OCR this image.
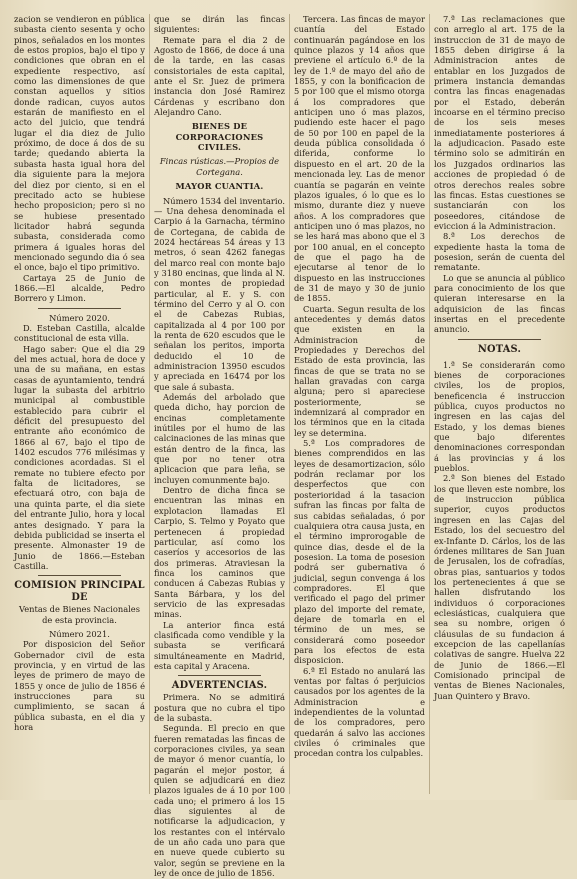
zacion se vendieron en pública subasta ciento sesenta y ocho pinos, señalados en los montes de estos propios, bajo el tipo y condiciones que obran en el expediente respectivo, así como las dimensiones de que constan aquellos y sitios donde radican, cuyos autos estarán de manifiesto en el acto del juicio, que tendrá lugar el dia diez de Julio próximo, de doce á dos de su tarde; quedando abierta la subasta hasta igual hora del dia siguiente para la mejora del diez por ciento, si en el precitado acto se hubiese hecho proposicion; pero si no se hubiese presentado licitador habrá segunda subasta, considerada como primera á iguales horas del mencionado segundo dia ó sea el once, bajo el tipo primitivo.

Cartaya 25 de Junio de 1866.—El alcalde, Pedro Borrero y Limon.

Número 2020.

D. Esteban Castilla, alcalde constitucional de esta villa.

Hago saber: Que el dia 29 del mes actual, hora de doce y una de su mañana, en estas casas de ayuntamiento, tendrá lugar la subasta del arbitrio municipal al combustible establecido para cubrir el déficit del presupuesto del entrante año económico de 1866 al 67, bajo el tipo de 1402 escudos 776 milésimas y condiciones acordadas. Si el remate no tubiere efecto por falta de licitadores, se efectuará otro, con baja de una quinta parte, el dia siete del entrante Julio, hora y local antes designado. Y para la debida publicidad se inserta el presente. Almonaster 19 de Junio de 1866.—Esteban Castilla.

COMISION PRINCIPAL DE

Ventas de Bienes Nacionales de esta provincia.

Número 2021.

Por disposicion del Señor Gobernador civil de esta provincia, y en virtud de las leyes de primero de mayo de 1855 y once de julio de 1856 é instrucciones para su cumplimiento, se sacan á pública subasta, en el dia y hora

que se dirán las fincas siguientes:

Remate para el dia 2 de Agosto de 1866, de doce á una de la tarde, en las casas consistoriales de esta capital, ante el Sr. Juez de primera instancia don José Ramirez Cárdenas y escribano don Alejandro Cano.

BIENES DE CORPORACIONES CIVILES.

Fincas rústicas.—Propios de Cortegana.

MAYOR CUANTIA.

Número 1534 del inventario.— Una dehesa denominada el Carpio á la Garnacha, término de Cortegana, de cabida de 2024 hectáreas 54 áreas y 13 metros, ó sean 4262 fanegas del marco real con monte bajo y 3180 encinas, que linda al N. con montes de propiedad particular, al E. y S. con término del Cerro y al O. con el de Cabezas Rubias, capitalizada al 4 por 100 por la renta de 620 escudos que le señalan los peritos, importa deducido el 10 de administracion 13950 escudos y apreciada en 16474 por los que sale á subasta.

Además del arbolado que queda dicho, hay porcion de encinas completamente inútiles por el humo de las calcinaciones de las minas que están dentro de la finca, las que por no tener otra aplicacion que para leña, se incluyen comunmente bajo.

Dentro de dicha finca se encuentran las minas en explotacion llamadas El Carpio, S. Telmo y Poyato que pertenecen á propiedad particular, así como los caseríos y accesorios de las dos primeras. Atraviesan la finca los caminos que conducen á Cabezas Rubias y Santa Bárbara, y los del servicio de las expresadas minas.

La anterior finca está clasificada como vendible y la subasta se verificará simultáneamente en Madrid, esta capital y Aracena.

ADVERTENCIAS.

Primera. No se admitirá postura que no cubra el tipo de la subasta.

Segunda. El precio en que fueren rematadas las fincas de corporaciones civiles, ya sean de mayor ó menor cuantía, lo pagarán el mejor postor, á quien se adjudicará en diez plazos iguales de á 10 por 100 cada uno; el primero á los 15 dias siguientes al de notificarse la adjudicacion, y los restantes con el intérvalo de un año cada uno para que en nueve quede cubierto su valor, según se previene en la ley de once de julio de 1856.

Tercera. Las fincas de mayor cuantía del Estado continuarán pagándose en los quince plazos y 14 años que previene el artículo 6.º de la ley de 1.º de mayo del año de 1855, y con la bonificacion de 5 por 100 que el mismo otorga á los compradores que anticipen uno ó mas plazos, pudiendo este hacer el pago de 50 por 100 en papel de la deuda pública consolidada ó diferida, conforme lo dispuesto en el art. 20 de la mencionada ley. Las de menor cuantía se pagarán en veinte plazos iguales, ó lo que es lo mismo, durante diez y nueve años. A los compradores que anticipen uno ó mas plazos, no se les hará mas abono que el 3 por 100 anual, en el concepto de que el pago ha de ejecutarse al tenor de lo dispuesto en las instrucciones de 31 de mayo y 30 de junio de 1855.

Cuarta. Segun resulta de los antecedentes y demás datos que existen en la Administracion de Propiedades y Derechos del Estado de esta provincia, las fincas de que se trata no se hallan gravadas con carga alguna; pero si apareciese posteriormente, se indemnizará al comprador en los términos que en la citada ley se determina.

5.ª Los compradores de bienes comprendidos en las leyes de desamortizacion, sólo podrán reclamar por los desperfectos que con posterioridad á la tasacion sufran las fincas por falta de sus cabidas señaladas, ó por cualquiera otra causa justa, en el término improrogable de quince dias, desde el de la posesion. La toma de posesion podrá ser gubernativa ó judicial, segun convenga á los compradores. El que verificado el pago del primer plazo del importe del remate, dejare de tomarla en el término de un mes, se considerará como poseedor para los efectos de esta disposicion.

6.ª El Estado no anulará las ventas por faltas ó perjuicios causados por los agentes de la Administracion e independientes de la voluntad de los compradores, pero quedarán á salvo las acciones civiles ó criminales que procedan contra los culpables.

7.ª Las reclamaciones que con arreglo al art. 175 de la instruccion de 31 de mayo de 1855 deben dirigirse á la Administracion antes de entablar en los Juzgados de primera instancia demandas contra las fincas enagenadas por el Estado, deberán incoarse en el término preciso de los seis meses inmediatamente posteriores á la adjudicacion. Pasado este término solo se admitirán en los Juzgados ordinarios las acciones de propiedad ó de otros derechos reales sobre las fincas. Estas cuestiones se sustanciarán con los poseedores, citándose de eviccion á la Administracion.

8.ª Los derechos de expediente hasta la toma de posesion, serán de cuenta del rematante.

Lo que se anuncia al público para conocimiento de los que quieran interesarse en la adquisicion de las fincas insertas en el precedente anuncio.

NOTAS.

1.ª Se considerarán como bienes de corporaciones civiles, los de propios, beneficencia é instruccion pública, cuyos productos no ingresen en las cajas del Estado, y los demas bienes que bajo diferentes denominaciones correspondan á las provincias y á los pueblos.

2.ª Son bienes del Estado los que lleven este nombre, los de instruccion pública superior, cuyos productos ingresen en las Cajas del Estado, los del secuestro del ex-Infante D. Cárlos, los de las órdenes militares de San Juan de Jerusalen, los de cofradías, obras pias, santuarios y todos los pertenecientes á que se hallen disfrutando los individuos ó corporaciones eclesiásticas, cualquiera que sea su nombre, origen ó cláusulas de su fundacion á excepcion de las capellanías colativas de sangre. Huelva 22 de Junio de 1866.—El Comisionado principal de ventas de Bienes Nacionales, Juan Quintero y Bravo.
